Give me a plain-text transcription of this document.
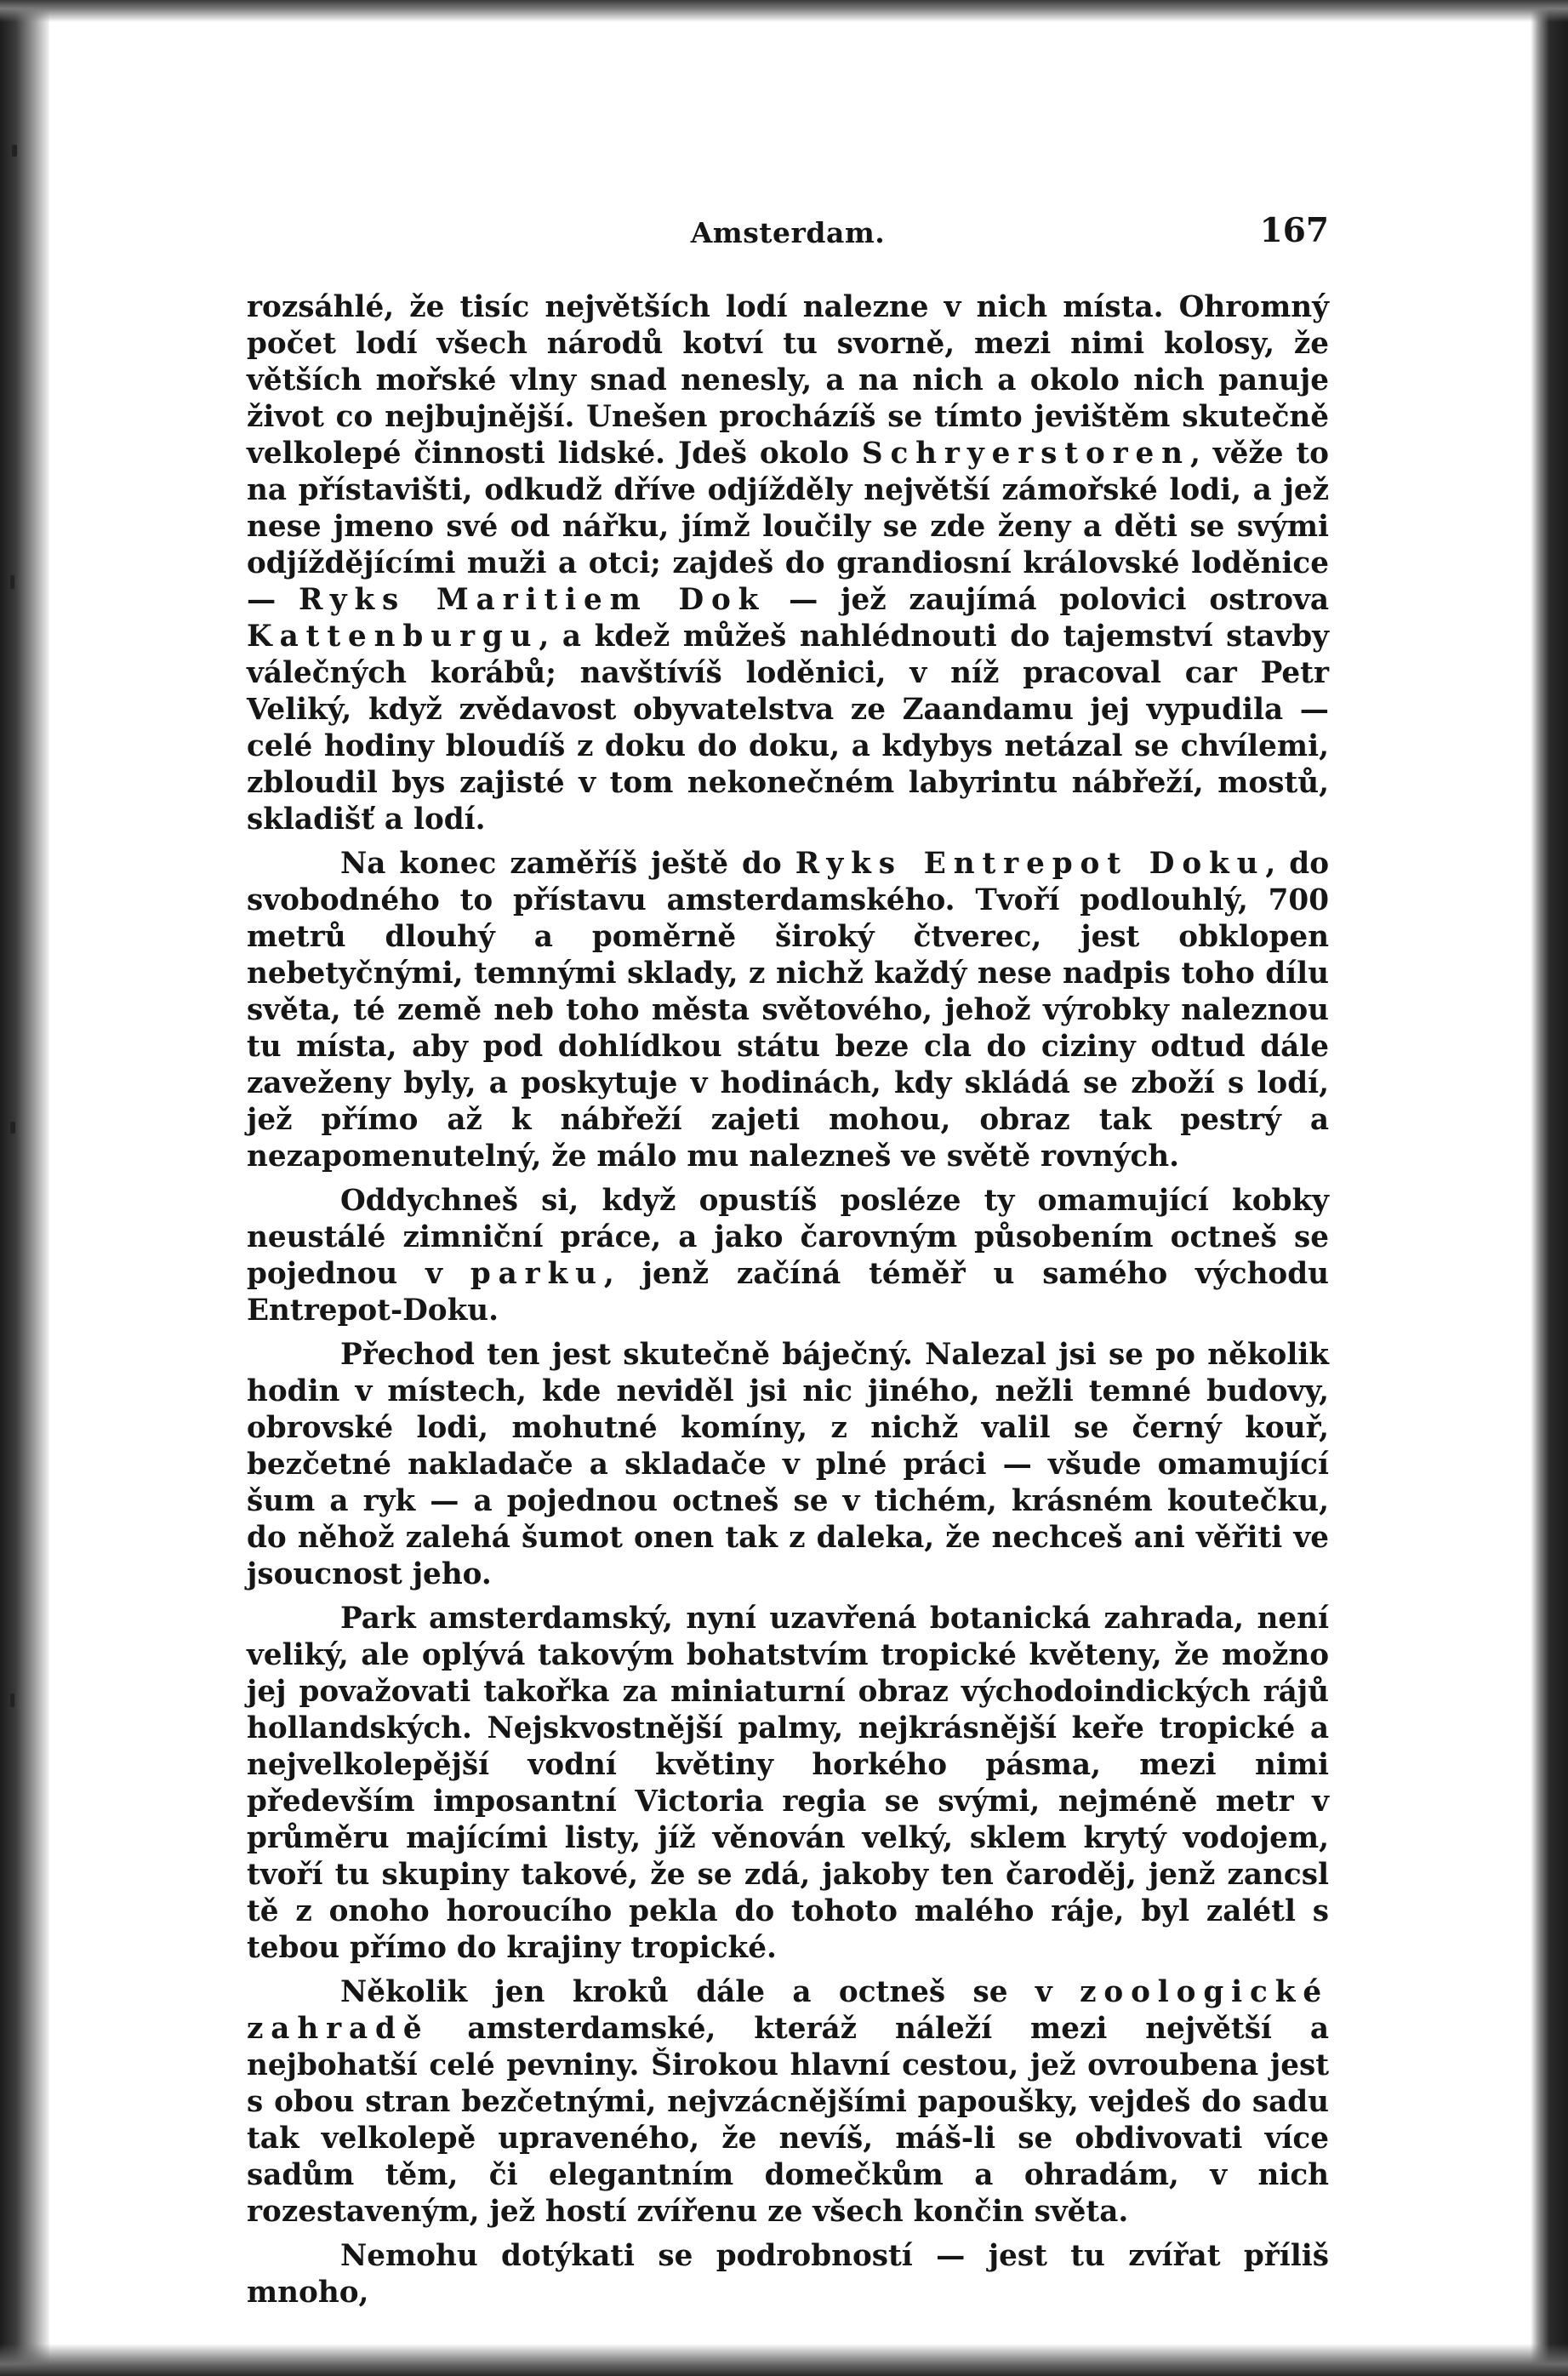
Amsterdam.	167

rozsáhlé, že tisíc největších lodí nalezne v nich místa. Ohromný počet lodí všech národů kotví tu svorně, mezi nimi kolosy, že větších mořské vlny snad nenesly, a na nich a okolo nich panuje život co nejbujnější. Unešen procházíš se tímto jevištěm skutečně velkolepé činnosti lidské. Jdeš okolo Schryerstoren, věže to na přístavišti, odkudž dříve odjížděly největší zámořské lodi, a jež nese jmeno své od nářku, jímž loučily se zde ženy a děti se svými odjíždějícími muži a otci; zajdeš do grandiosní královské loděnice — Ryks Maritiem Dok — jež zaujímá polovici ostrova Kattenburgu, a kdež můžeš nahlédnouti do tajemství stavby válečných korábů; navštívíš loděnici, v níž pracoval car Petr Veliký, když zvědavost obyvatelstva ze Zaandamu jej vypudila — celé hodiny bloudíš z doku do doku, a kdybys netázal se chvílemi, zbloudil bys zajisté v tom nekonečném labyrintu nábřeží, mostů, skladišť a lodí.

Na konec zaměříš ještě do Ryks Entrepot Doku, do svobodného to přístavu amsterdamského. Tvoří podlouhlý, 700 metrů dlouhý a poměrně široký čtverec, jest obklopen nebetyčnými, temnými sklady, z nichž každý nese nadpis toho dílu světa, té země neb toho města světového, jehož výrobky naleznou tu místa, aby pod dohlídkou státu beze cla do ciziny odtud dále zaveženy byly, a poskytuje v hodinách, kdy skládá se zboží s lodí, jež přímo až k nábřeží zajeti mohou, obraz tak pestrý a nezapomenutelný, že málo mu nalezneš ve světě rovných.

Oddychneš si, když opustíš posléze ty omamující kobky neustálé zimniční práce, a jako čarovným působením octneš se pojednou v parku, jenž začíná téměř u samého východu Entrepot-Doku.

Přechod ten jest skutečně báječný. Nalezal jsi se po několik hodin v místech, kde neviděl jsi nic jiného, nežli temné budovy, obrovské lodi, mohutné komíny, z nichž valil se černý kouř, bezčetné nakladače a skladače v plné práci — všude omamující šum a ryk — a pojednou octneš se v tichém, krásném koutečku, do něhož zalehá šumot onen tak z daleka, že nechceš ani věřiti ve jsoucnost jeho.

Park amsterdamský, nyní uzavřená botanická zahrada, není veliký, ale oplývá takovým bohatstvím tropické květeny, že možno jej považovati takořka za miniaturní obraz východoindických rájů hollandských. Nejskvostnější palmy, nejkrásnější keře tropické a nejvelkolepější vodní květiny horkého pásma, mezi nimi především imposantní Victoria regia se svými, nejméně metr v průměru majícími listy, jíž věnován velký, sklem krytý vodojem, tvoří tu skupiny takové, že se zdá, jakoby ten čaroděj, jenž zancsl tě z onoho horoucího pekla do tohoto malého ráje, byl zalétl s tebou přímo do krajiny tropické.

Několik jen kroků dále a octneš se v zoologické zahradě amsterdamské, kteráž náleží mezi největší a nejbohatší celé pevniny. Širokou hlavní cestou, jež ovroubena jest s obou stran bezčetnými, nejvzácnějšími papoušky, vejdeš do sadu tak velkolepě upraveného, že nevíš, máš-li se obdivovati více sadům těm, či elegantním domečkům a ohradám, v nich rozestaveným, jež hostí zvířenu ze všech končin světa.

Nemohu dotýkati se podrobností — jest tu zvířat příliš mnoho,
